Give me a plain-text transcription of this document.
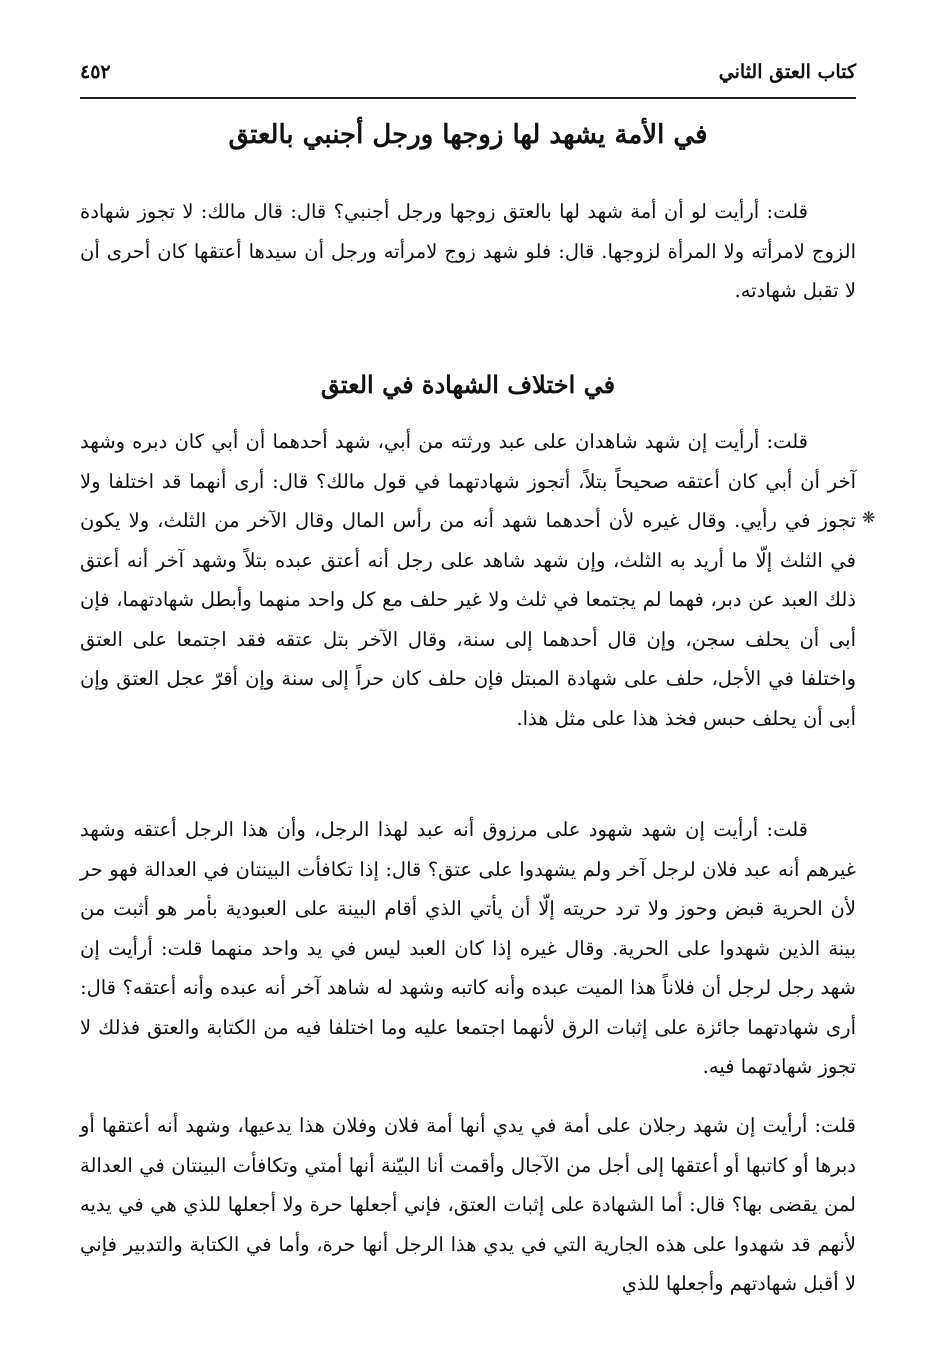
كتاب العتق الثاني
٤٥٢
في الأمة يشهد لها زوجها ورجل أجنبي بالعتق

قلت: أرأيت لو أن أمة شهد لها بالعتق زوجها ورجل أجنبي؟ قال: قال مالك: لا تجوز شهادة الزوج لامرأته ولا المرأة لزوجها. قال: فلو شهد زوج لامرأته ورجل أن سيدها أعتقها كان أحرى أن لا تقبل شهادته.

في اختلاف الشهادة في العتق

قلت: أرأيت إن شهد شاهدان على عبد ورثته من أبي، شهد أحدهما أن أبي كان دبره وشهد آخر أن أبي كان أعتقه صحيحاً بتلاً، أتجوز شهادتهما في قول مالك؟ قال: أرى أنهما قد اختلفا ولا تجوز في رأيي. وقال غيره لأن أحدهما شهد أنه من رأس المال وقال الآخر من الثلث، ولا يكون في الثلث إلّا ما أريد به الثلث، وإن شهد شاهد على رجل أنه أعتق عبده بتلاً وشهد آخر أنه أعتق ذلك العبد عن دبر، فهما لم يجتمعا في ثلث ولا غير حلف مع كل واحد منهما وأبطل شهادتهما، فإن أبى أن يحلف سجن، وإن قال أحدهما إلى سنة، وقال الآخر بتل عتقه فقد اجتمعا على العتق واختلفا في الأجل، حلف على شهادة المبتل فإن حلف كان حراً إلى سنة وإن أقرّ عجل العتق وإن أبى أن يحلف حبس فخذ هذا على مثل هذا.

قلت: أرأيت إن شهد شهود على مرزوق أنه عبد لهذا الرجل، وأن هذا الرجل أعتقه وشهد غيرهم أنه عبد فلان لرجل آخر ولم يشهدوا على عتق؟ قال: إذا تكافأت البينتان في العدالة فهو حر لأن الحرية قبض وحوز ولا ترد حريته إلّا أن يأتي الذي أقام البينة على العبودية بأمر هو أثبت من بينة الذين شهدوا على الحرية. وقال غيره إذا كان العبد ليس في يد واحد منهما قلت: أرأيت إن شهد رجل لرجل أن فلاناً هذا الميت عبده وأنه كاتبه وشهد له شاهد آخر أنه عبده وأنه أعتقه؟ قال: أرى شهادتهما جائزة على إثبات الرق لأنهما اجتمعا عليه وما اختلفا فيه من الكتابة والعتق فذلك لا تجوز شهادتهما فيه.

قلت: أرأيت إن شهد رجلان على أمة في يدي أنها أمة فلان وفلان هذا يدعيها، وشهد أنه أعتقها أو دبرها أو كاتبها أو أعتقها إلى أجل من الآجال وأقمت أنا البيّنة أنها أمتي وتكافأت البينتان في العدالة لمن يقضى بها؟ قال: أما الشهادة على إثبات العتق، فإني أجعلها حرة ولا أجعلها للذي هي في يديه لأنهم قد شهدوا على هذه الجارية التي في يدي هذا الرجل أنها حرة، وأما في الكتابة والتدبير فإني لا أقبل شهادتهم وأجعلها للذي

❋
